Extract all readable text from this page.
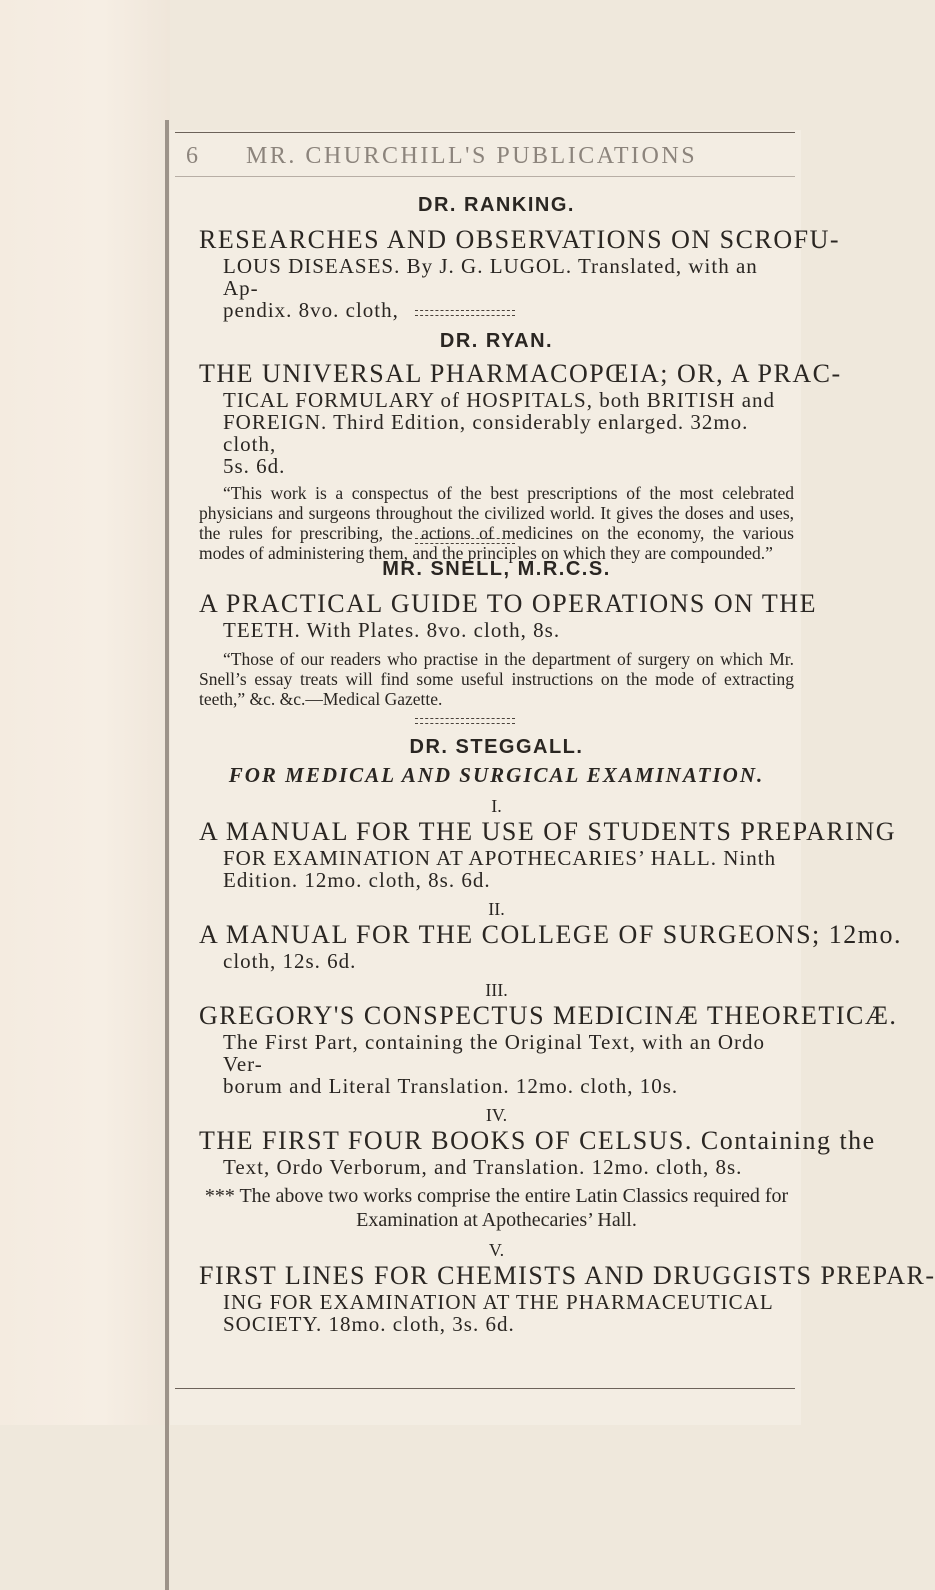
6 MR. CHURCHILL'S PUBLICATIONS
DR. RANKING.
RESEARCHES AND OBSERVATIONS ON SCROFU-
LOUS DISEASES. By J. G. LUGOL. Translated, with an Ap-
pendix. 8vo. cloth,
DR. RYAN.
THE UNIVERSAL PHARMACOPŒIA; OR, A PRAC-
TICAL FORMULARY of HOSPITALS, both BRITISH and
FOREIGN. Third Edition, considerably enlarged. 32mo. cloth,
5s. 6d.
“This work is a conspectus of the best prescriptions of the most celebrated physicians and surgeons throughout the civilized world. It gives the doses and uses, the rules for prescribing, the actions of medicines on the economy, the various modes of administering them, and the principles on which they are compounded.”
MR. SNELL, M.R.C.S.
A PRACTICAL GUIDE TO OPERATIONS ON THE
TEETH. With Plates. 8vo. cloth, 8s.
“Those of our readers who practise in the department of surgery on which Mr. Snell’s essay treats will find some useful instructions on the mode of extracting teeth,” &c. &c.—Medical Gazette.
DR. STEGGALL.
FOR MEDICAL AND SURGICAL EXAMINATION.
I.
A MANUAL FOR THE USE OF STUDENTS PREPARING
FOR EXAMINATION AT APOTHECARIES’ HALL. Ninth
Edition. 12mo. cloth, 8s. 6d.
II.
A MANUAL FOR THE COLLEGE OF SURGEONS; 12mo.
cloth, 12s. 6d.
III.
GREGORY'S CONSPECTUS MEDICINÆ THEORETICÆ.
The First Part, containing the Original Text, with an Ordo Ver-
borum and Literal Translation. 12mo. cloth, 10s.
IV.
THE FIRST FOUR BOOKS OF CELSUS. Containing the
Text, Ordo Verborum, and Translation. 12mo. cloth, 8s.
*** The above two works comprise the entire Latin Classics required for
Examination at Apothecaries’ Hall.
V.
FIRST LINES FOR CHEMISTS AND DRUGGISTS PREPAR-
ING FOR EXAMINATION AT THE PHARMACEUTICAL
SOCIETY. 18mo. cloth, 3s. 6d.
